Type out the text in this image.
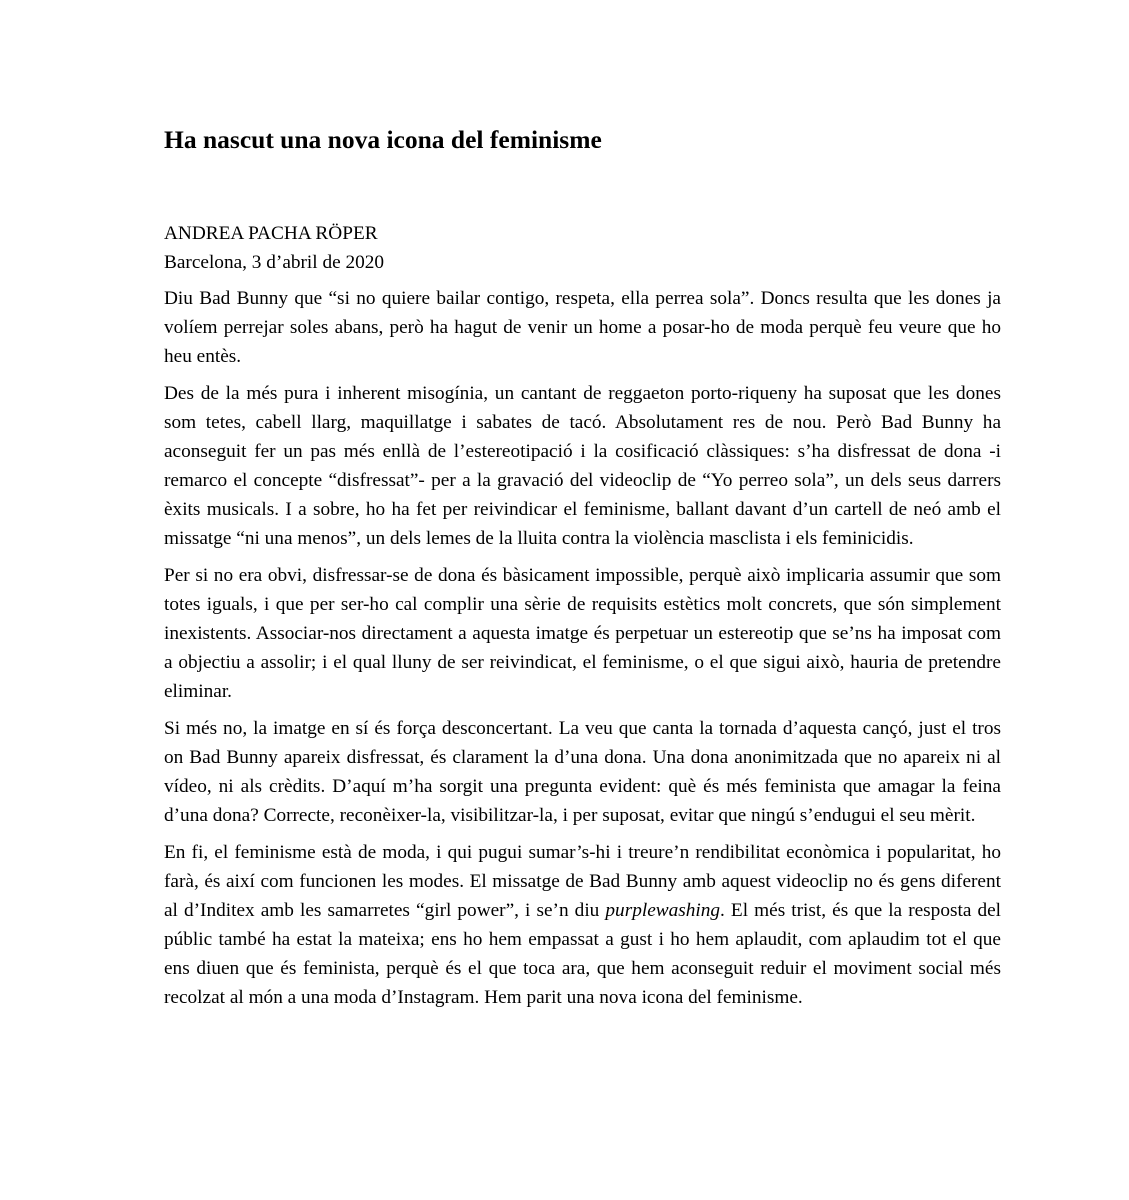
Ha nascut una nova icona del feminisme
ANDREA PACHA RÖPER
Barcelona, 3 d’abril de 2020

Diu Bad Bunny que “si no quiere bailar contigo, respeta, ella perrea sola”. Doncs resulta que les dones ja volíem perrejar soles abans, però ha hagut de venir un home a posar-ho de moda perquè feu veure que ho heu entès.

Des de la més pura i inherent misogínia, un cantant de reggaeton porto-riqueny ha suposat que les dones som tetes, cabell llarg, maquillatge i sabates de tacó. Absolutament res de nou. Però Bad Bunny ha aconseguit fer un pas més enllà de l’estereotipació i la cosificació clàssiques: s’ha disfressat de dona -i remarco el concepte “disfressat”- per a la gravació del videoclip de “Yo perreo sola”, un dels seus darrers èxits musicals. I a sobre, ho ha fet per reivindicar el feminisme, ballant davant d’un cartell de neó amb el missatge “ni una menos”, un dels lemes de la lluita contra la violència masclista i els feminicidis.

Per si no era obvi, disfressar-se de dona és bàsicament impossible, perquè això implicaria assumir que som totes iguals, i que per ser-ho cal complir una sèrie de requisits estètics molt concrets, que són simplement inexistents. Associar-nos directament a aquesta imatge és perpetuar un estereotip que se’ns ha imposat com a objectiu a assolir; i el qual lluny de ser reivindicat, el feminisme, o el que sigui això, hauria de pretendre eliminar.

Si més no, la imatge en sí és força desconcertant. La veu que canta la tornada d’aquesta cançó, just el tros on Bad Bunny apareix disfressat, és clarament la d’una dona. Una dona anonimitzada que no apareix ni al vídeo, ni als crèdits. D’aquí m’ha sorgit una pregunta evident: què és més feminista que amagar la feina d’una dona? Correcte, reconèixer-la, visibilitzar-la, i per suposat, evitar que ningú s’endugui el seu mèrit.

En fi, el feminisme està de moda, i qui pugui sumar’s-hi i treure’n rendibilitat econòmica i popularitat, ho farà, és així com funcionen les modes. El missatge de Bad Bunny amb aquest videoclip no és gens diferent al d’Inditex amb les samarretes “girl power”, i se’n diu purplewashing. El més trist, és que la resposta del públic també ha estat la mateixa; ens ho hem empassat a gust i ho hem aplaudit, com aplaudim tot el que ens diuen que és feminista, perquè és el que toca ara, que hem aconseguit reduir el moviment social més recolzat al món a una moda d’Instagram. Hem parit una nova icona del feminisme.
